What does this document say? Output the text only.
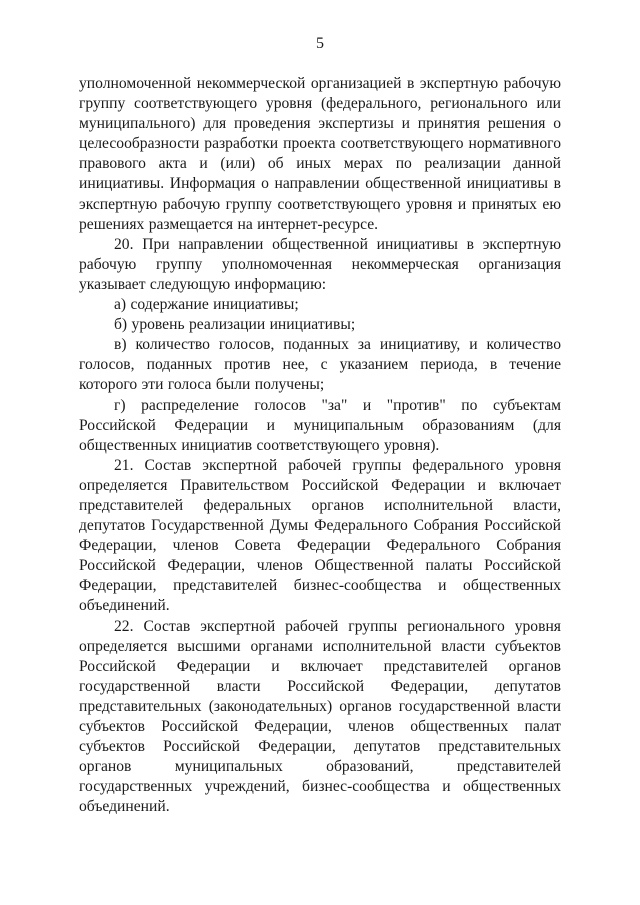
5

уполномоченной некоммерческой организацией в экспертную рабочую группу соответствующего уровня (федерального, регионального или муниципального) для проведения экспертизы и принятия решения о целесообразности разработки проекта соответствующего нормативного правового акта и (или) об иных мерах по реализации данной инициативы. Информация о направлении общественной инициативы в экспертную рабочую группу соответствующего уровня и принятых ею решениях размещается на интернет-ресурсе.

20. При направлении общественной инициативы в экспертную рабочую группу уполномоченная некоммерческая организация указывает следующую информацию:

а) содержание инициативы;

б) уровень реализации инициативы;

в) количество голосов, поданных за инициативу, и количество голосов, поданных против нее, с указанием периода, в течение которого эти голоса были получены;

г) распределение голосов "за" и "против" по субъектам Российской Федерации и муниципальным образованиям (для общественных инициатив соответствующего уровня).

21. Состав экспертной рабочей группы федерального уровня определяется Правительством Российской Федерации и включает представителей федеральных органов исполнительной власти, депутатов Государственной Думы Федерального Собрания Российской Федерации, членов Совета Федерации Федерального Собрания Российской Федерации, членов Общественной палаты Российской Федерации, представителей бизнес-сообщества и общественных объединений.

22. Состав экспертной рабочей группы регионального уровня определяется высшими органами исполнительной власти субъектов Российской Федерации и включает представителей органов государственной власти Российской Федерации, депутатов представительных (законодательных) органов государственной власти субъектов Российской Федерации, членов общественных палат субъектов Российской Федерации, депутатов представительных органов муниципальных образований, представителей государственных учреждений, бизнес-сообщества и общественных объединений.
